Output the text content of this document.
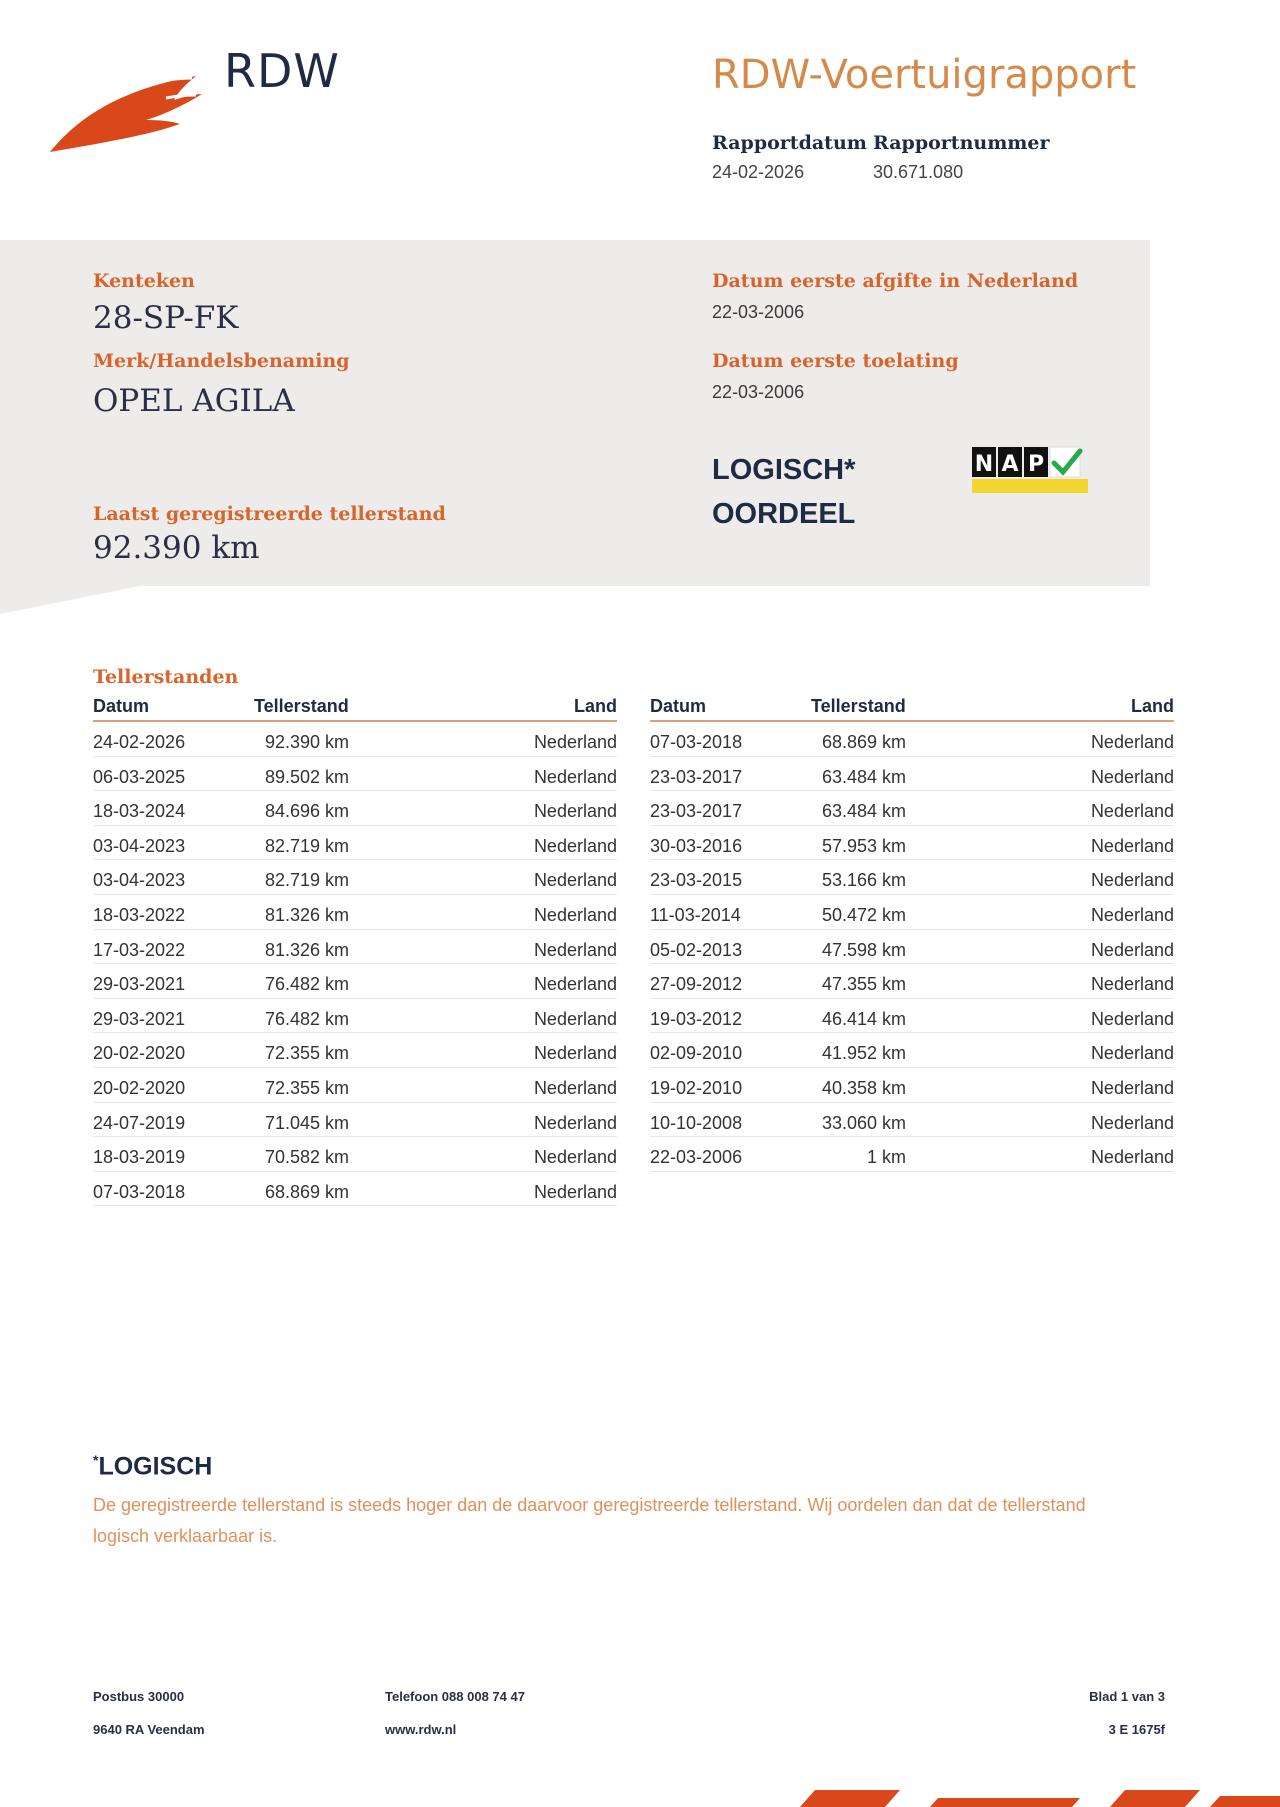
RDW	RDW-Voertuigrapport
Rapportdatum
24-02-2026
Rapportnummer
30.671.080
Kenteken
28-SP-FK
Merk/Handelsbenaming
OPEL AGILA
Laatst geregistreerde tellerstand
92.390 km
Datum eerste afgifte in Nederland
22-03-2006
Datum eerste toelating
22-03-2006
LOGISCH*
OORDEEL
N A P
Tellerstanden
Datum	Tellerstand	Land
24-02-2026	92.390 km	Nederland
06-03-2025	89.502 km	Nederland
18-03-2024	84.696 km	Nederland
03-04-2023	82.719 km	Nederland
03-04-2023	82.719 km	Nederland
18-03-2022	81.326 km	Nederland
17-03-2022	81.326 km	Nederland
29-03-2021	76.482 km	Nederland
29-03-2021	76.482 km	Nederland
20-02-2020	72.355 km	Nederland
20-02-2020	72.355 km	Nederland
24-07-2019	71.045 km	Nederland
18-03-2019	70.582 km	Nederland
07-03-2018	68.869 km	Nederland
Datum	Tellerstand	Land
07-03-2018	68.869 km	Nederland
23-03-2017	63.484 km	Nederland
23-03-2017	63.484 km	Nederland
30-03-2016	57.953 km	Nederland
23-03-2015	53.166 km	Nederland
11-03-2014	50.472 km	Nederland
05-02-2013	47.598 km	Nederland
27-09-2012	47.355 km	Nederland
19-03-2012	46.414 km	Nederland
02-09-2010	41.952 km	Nederland
19-02-2010	40.358 km	Nederland
10-10-2008	33.060 km	Nederland
22-03-2006	1 km	Nederland
*LOGISCH
De geregistreerde tellerstand is steeds hoger dan de daarvoor geregistreerde tellerstand. Wij oordelen dan dat de tellerstand logisch verklaarbaar is.
Postbus 30000
9640 RA Veendam
Telefoon 088 008 74 47
www.rdw.nl
Blad 1 van 3
3 E 1675f
